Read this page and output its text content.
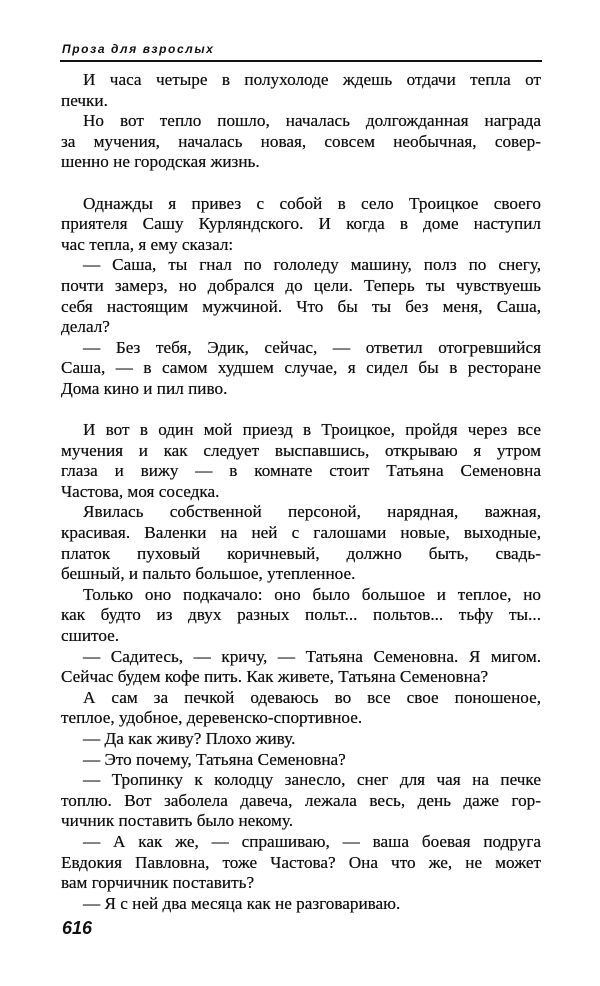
Проза для взрослых
И часа четыре в полухолоде ждешь отдачи тепла от
печки.
Но вот тепло пошло, началась долгожданная награда
за мучения, началась новая, совсем необычная, совер-
шенно не городская жизнь.
Однажды я привез с собой в село Троицкое своего
приятеля Сашу Курляндского. И когда в доме наступил
час тепла, я ему сказал:
— Саша, ты гнал по гололеду машину, полз по снегу,
почти замерз, но добрался до цели. Теперь ты чувствуешь
себя настоящим мужчиной. Что бы ты без меня, Саша,
делал?
— Без тебя, Эдик, сейчас, — ответил отогревшийся
Саша, — в самом худшем случае, я сидел бы в ресторане
Дома кино и пил пиво.
И вот в один мой приезд в Троицкое, пройдя через все
мучения и как следует выспавшись, открываю я утром
глаза и вижу — в комнате стоит Татьяна Семеновна
Частова, моя соседка.
Явилась собственной персоной, нарядная, важная,
красивая. Валенки на ней с галошами новые, выходные,
платок пуховый коричневый, должно быть, свадь-
бешный, и пальто большое, утепленное.
Только оно подкачало: оно было большое и теплое, но
как будто из двух разных польт... польтов... тьфу ты...
сшитое.
— Садитесь, — кричу, — Татьяна Семеновна. Я мигом.
Сейчас будем кофе пить. Как живете, Татьяна Семеновна?
А сам за печкой одеваюсь во все свое поношеное,
теплое, удобное, деревенско-спортивное.
— Да как живу? Плохо живу.
— Это почему, Татьяна Семеновна?
— Тропинку к колодцу занесло, снег для чая на печке
топлю. Вот заболела давеча, лежала весь, день даже гор-
чичник поставить было некому.
— А как же, — спрашиваю, — ваша боевая подруга
Евдокия Павловна, тоже Частова? Она что же, не может
вам горчичник поставить?
— Я с ней два месяца как не разговариваю.
616
